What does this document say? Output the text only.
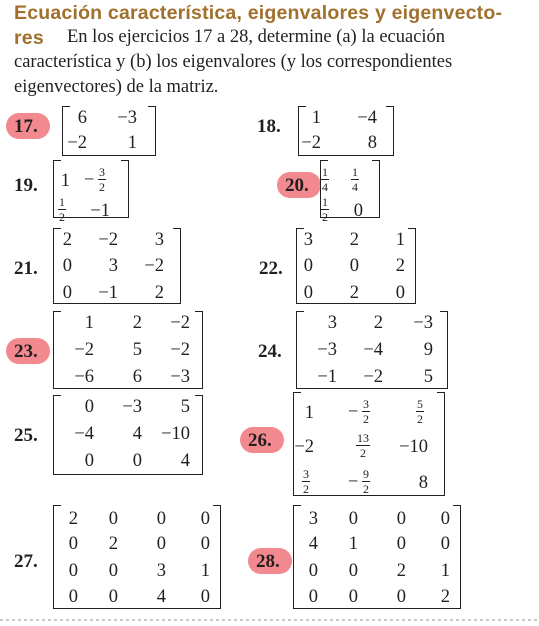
Ecuación característica, eigenvalores y eigenvecto-
res En los ejercicios 17 a 28, determine (a) la ecuación
característica y (b) los eigenvalores (y los correspondientes
eigenvectores) de la matriz.
17. 6 −3
−2 1
18. 1 −4
−2	8
19. $1 - \frac{3}{2}$
$\frac{1}{2} -1$
20. $\frac{1}{4} \frac{1}{4}$
$\frac{1}{2} 0$
21.
2 −2 3
0 3 −2
0 −1 2
22.
3 2 1
0 0 2
0 2 0
23.
1 2 −2
−2 5 −2
−6 6 −3
24.
3 2 −3
−3 −4 9
−1 −2 5
25.
0 −3 5
−4 4 −10
0 0 4
26.
$1 - \frac{3}{2}$	$\frac{5}{2}$
−2	$\frac{13}{2} -10$
$\frac{3}{2} - \frac{9}{2}$	8
27.
2 0 0 0
0 2 0 0
0 0 3 1
0 0 4 0
28.
3 0 0 0
4 1 0 0
0 0 2 1
0 0 0 2
